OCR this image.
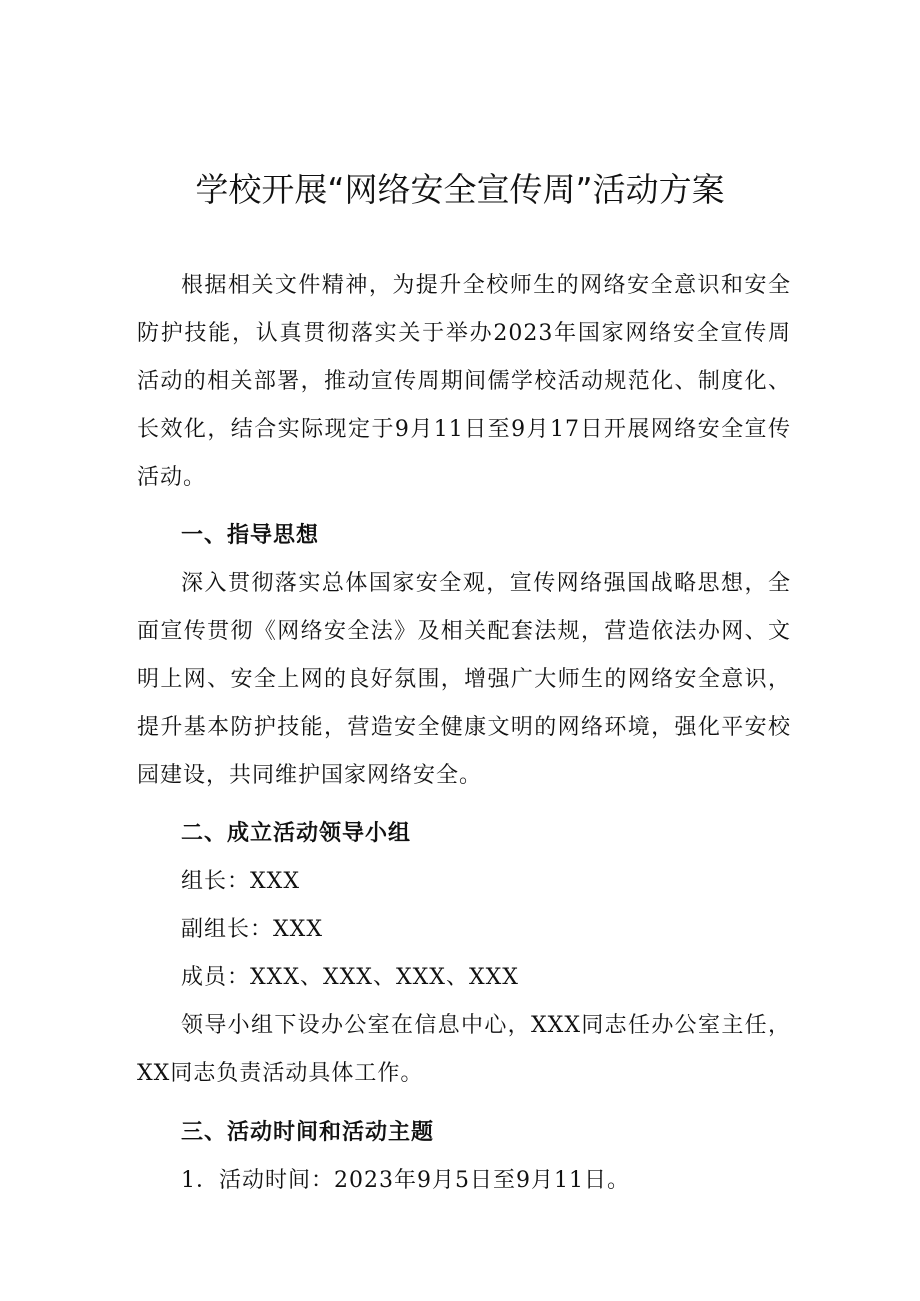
学校开展“网络安全宣传周”活动方案

根据相关文件精神，为提升全校师生的网络安全意识和安全防护技能，认真贯彻落实关于举办2023年国家网络安全宣传周活动的相关部署，推动宣传周期间儒学校活动规范化、制度化、长效化，结合实际现定于9月11日至9月17日开展网络安全宣传活动。

一、指导思想

深入贯彻落实总体国家安全观，宣传网络强国战略思想，全面宣传贯彻《网络安全法》及相关配套法规，营造依法办网、文明上网、安全上网的良好氛围，增强广大师生的网络安全意识，提升基本防护技能，营造安全健康文明的网络环境，强化平安校园建设，共同维护国家网络安全。

二、成立活动领导小组

组长：XXX

副组长：XXX

成员：XXX、XXX、XXX、XXX

领导小组下设办公室在信息中心，XXX同志任办公室主任，XX同志负责活动具体工作。

三、活动时间和活动主题

1．活动时间：2023年9月5日至9月11日。
